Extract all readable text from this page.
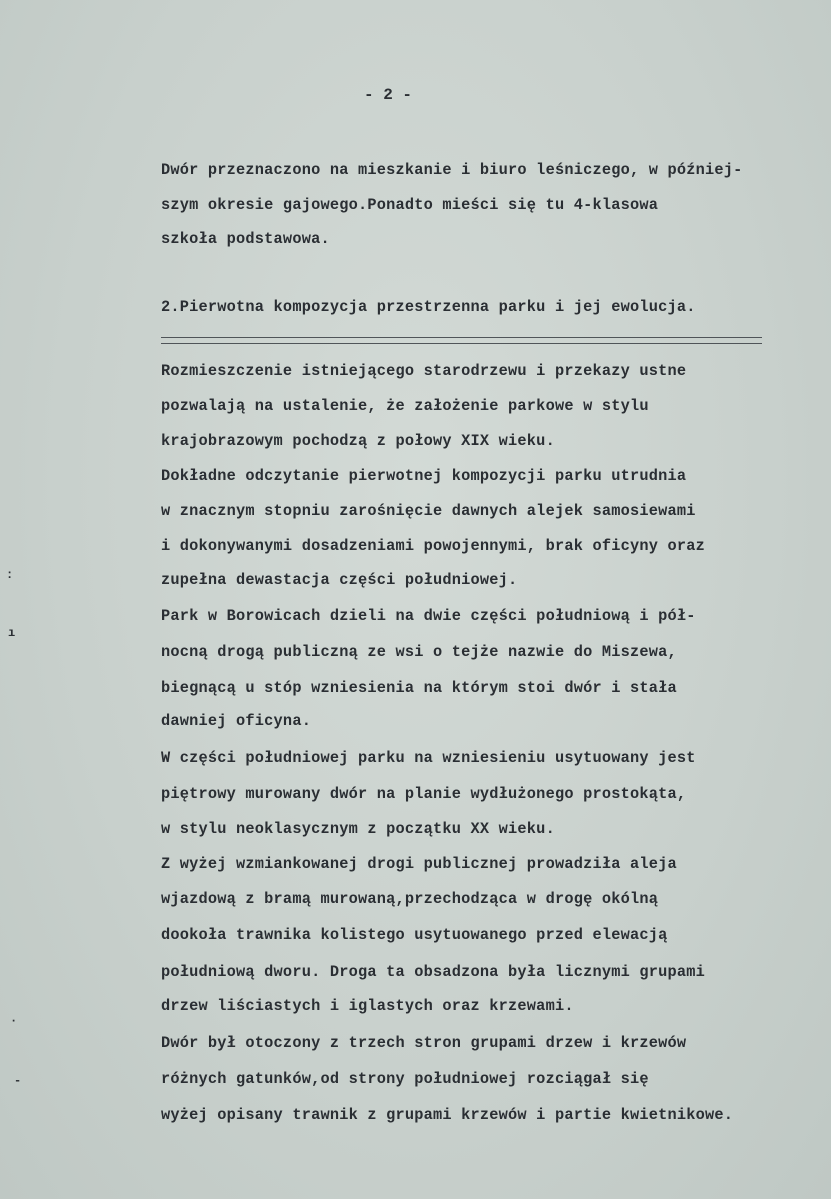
- 2 -
Dwór przeznaczono na mieszkanie i biuro leśniczego, w później-
szym okresie gajowego.Ponadto mieści się tu 4-klasowa
szkoła podstawowa.
2.Pierwotna kompozycja przestrzenna parku i jej ewolucja.
Rozmieszczenie istniejącego starodrzewu i przekazy ustne
pozwalają na ustalenie, że założenie parkowe w stylu
krajobrazowym pochodzą z połowy XIX wieku.
Dokładne odczytanie pierwotnej kompozycji parku utrudnia
w znacznym stopniu zarośnięcie dawnych alejek samosiewami
i dokonywanymi dosadzeniami powojennymi, brak oficyny oraz
zupełna dewastacja części południowej.
Park w Borowicach dzieli na dwie części południową i pół-
nocną drogą publiczną ze wsi o tejże nazwie do Miszewa,
biegnącą u stóp wzniesienia na którym stoi dwór i stała
dawniej oficyna.
W części południowej parku na wzniesieniu usytuowany jest
piętrowy murowany dwór na planie wydłużonego prostokąta,
w stylu neoklasycznym z początku XX wieku.
Z wyżej wzmiankowanej drogi publicznej prowadziła aleja
wjazdową z bramą murowaną,przechodząca w drogę okólną
dookoła trawnika kolistego usytuowanego przed elewacją
południową dworu. Droga ta obsadzona była licznymi grupami
drzew liściastych i iglastych oraz krzewami.
Dwór był otoczony z trzech stron grupami drzew i krzewów
różnych gatunków,od strony południowej rozciągał się
wyżej opisany trawnik z grupami krzewów i partie kwietnikowe.
:
ı
·
-
